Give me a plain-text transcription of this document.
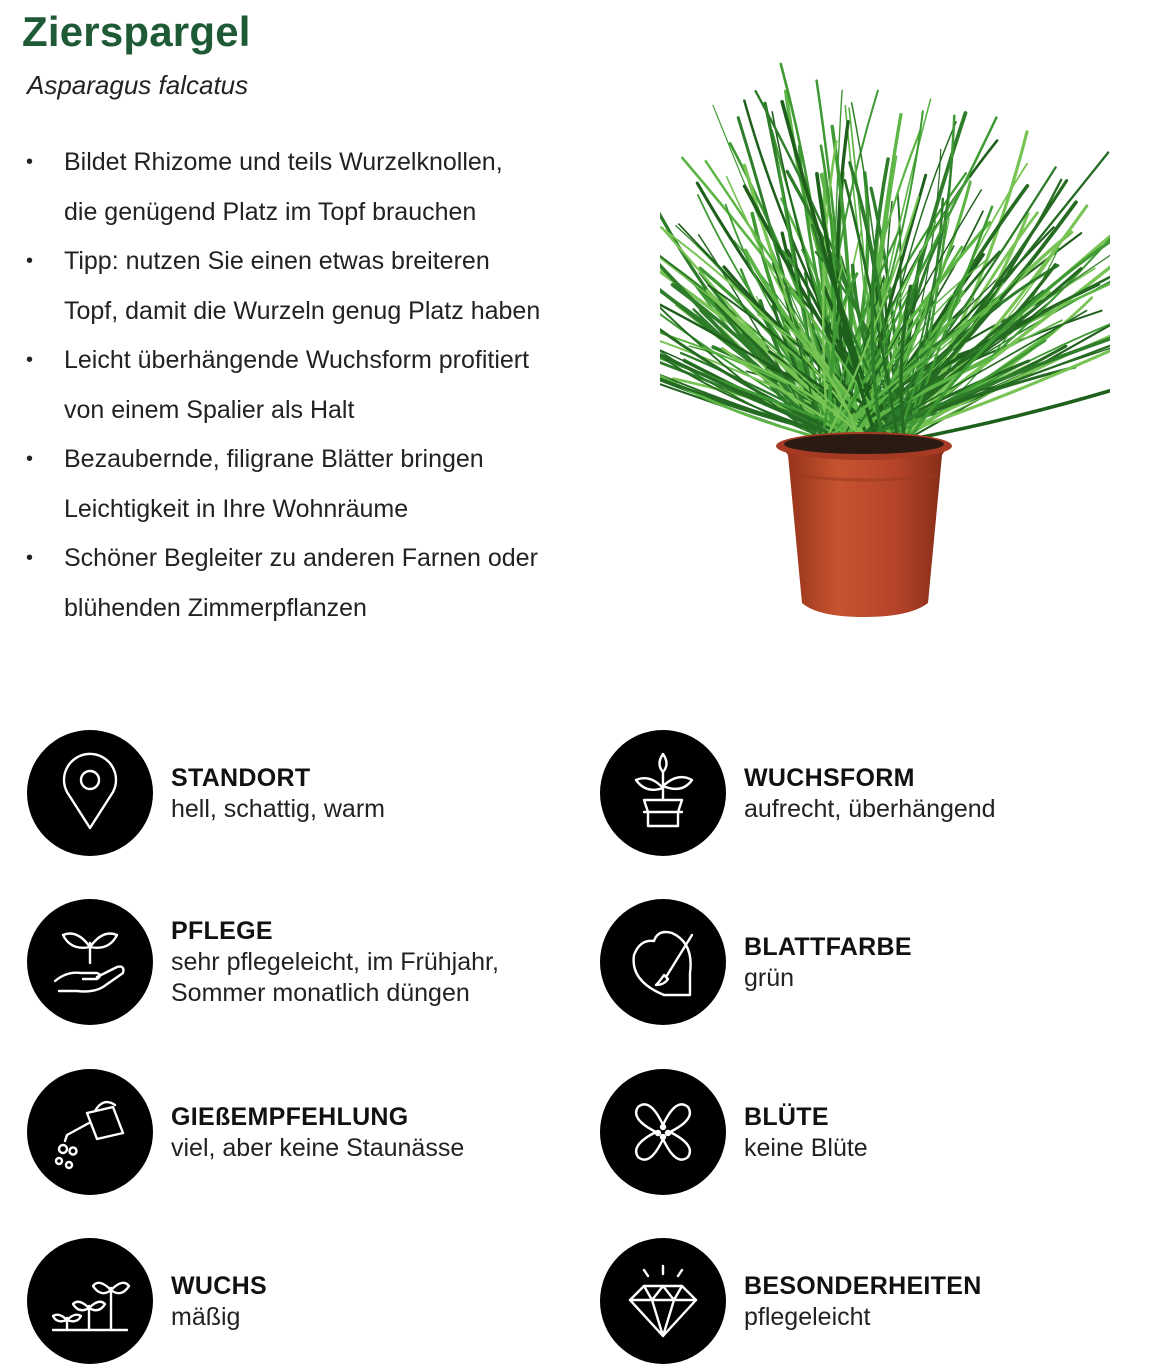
Zierspargel

Asparagus falcatus

• Bildet Rhizome und teils Wurzelknollen,
die genügend Platz im Topf brauchen
• Tipp: nutzen Sie einen etwas breiteren
Topf, damit die Wurzeln genug Platz haben
• Leicht überhängende Wuchsform profitiert
von einem Spalier als Halt
• Bezaubernde, filigrane Blätter bringen
Leichtigkeit in Ihre Wohnräume
• Schöner Begleiter zu anderen Farnen oder
blühenden Zimmerpflanzen
STANDORT
hell, schattig, warm
WUCHSFORM
aufrecht, überhängend
PFLEGE
sehr pflegeleicht, im Frühjahr,
Sommer monatlich düngen
BLATTFARBE
grün
GIEßEMPFEHLUNG
viel, aber keine Staunässe
BLÜTE
keine Blüte
WUCHS
mäßig
BESONDERHEITEN
pflegeleicht
